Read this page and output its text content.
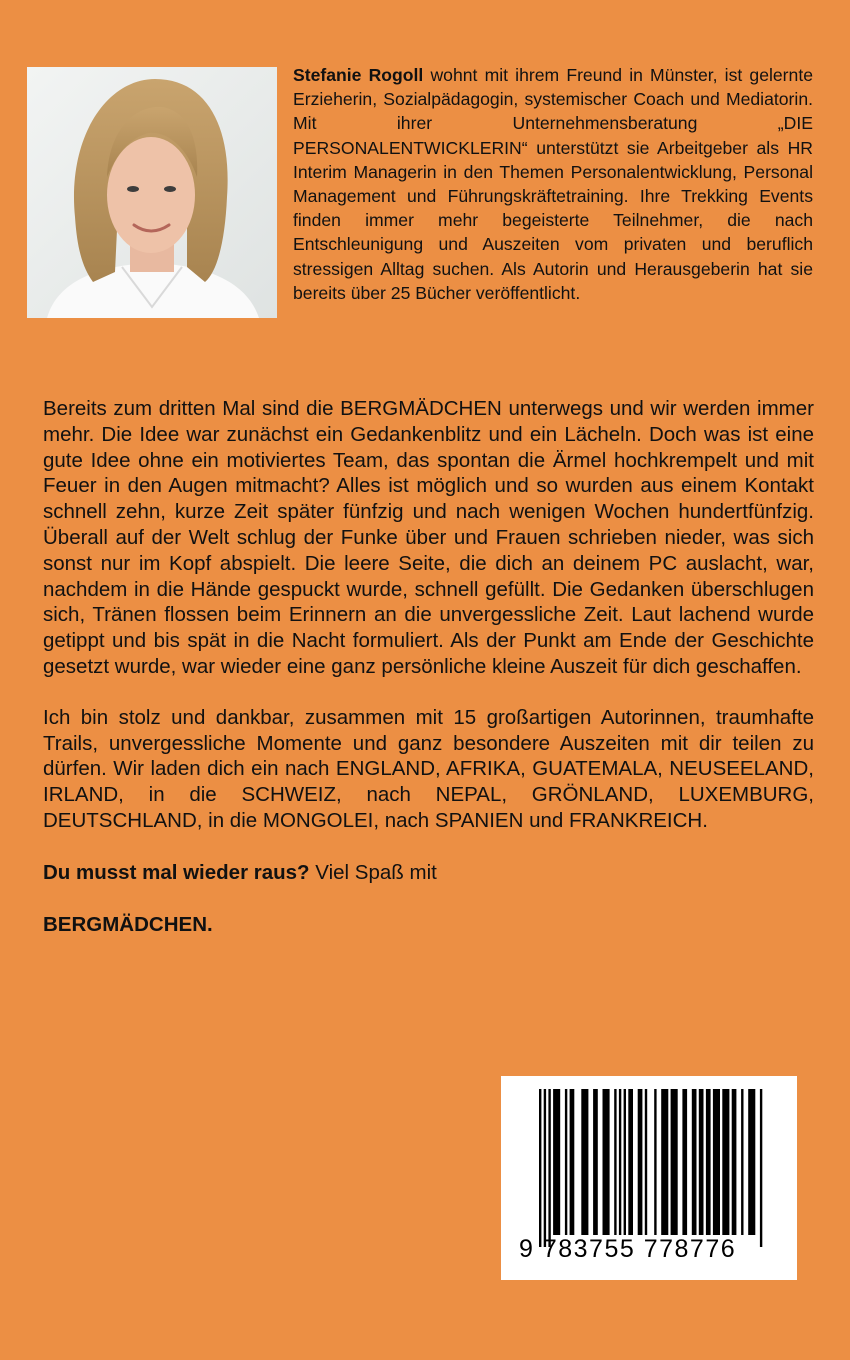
Stefanie Rogoll wohnt mit ihrem Freund in Münster, ist gelernte Erzieherin, Sozialpädagogin, systemischer Coach und Mediatorin. Mit ihrer Unternehmensberatung „DIE PERSONALENTWICKLERIN“ unterstützt sie Arbeitgeber als HR Interim Managerin in den Themen Personalentwicklung, Personal Management und Führungskräftetraining. Ihre Trekking Events finden immer mehr begeisterte Teilnehmer, die nach Entschleunigung und Auszeiten vom privaten und beruflich stressigen Alltag suchen. Als Autorin und Herausgeberin hat sie bereits über 25 Bücher veröffentlicht.

Bereits zum dritten Mal sind die BERGMÄDCHEN unterwegs und wir werden immer mehr. Die Idee war zunächst ein Gedankenblitz und ein Lächeln. Doch was ist eine gute Idee ohne ein motiviertes Team, das spontan die Ärmel hochkrempelt und mit Feuer in den Augen mitmacht? Alles ist möglich und so wurden aus einem Kontakt schnell zehn, kurze Zeit später fünfzig und nach wenigen Wochen hundertfünfzig. Überall auf der Welt schlug der Funke über und Frauen schrieben nieder, was sich sonst nur im Kopf abspielt. Die leere Seite, die dich an deinem PC auslacht, war, nachdem in die Hände gespuckt wurde, schnell gefüllt. Die Gedanken überschlugen sich, Tränen flossen beim Erinnern an die unvergessliche Zeit. Laut lachend wurde getippt und bis spät in die Nacht formuliert. Als der Punkt am Ende der Geschichte gesetzt wurde, war wieder eine ganz persönliche kleine Auszeit für dich geschaffen.

Ich bin stolz und dankbar, zusammen mit 15 großartigen Autorinnen, traumhafte Trails, unvergessliche Momente und ganz besondere Auszeiten mit dir teilen zu dürfen. Wir laden dich ein nach ENGLAND, AFRIKA, GUATEMALA, NEUSEELAND, IRLAND, in die SCHWEIZ, nach NEPAL, GRÖNLAND, LUXEMBURG, DEUTSCHLAND, in die MONGOLEI, nach SPANIEN und FRANKREICH.

Du musst mal wieder raus? Viel Spaß mit

BERGMÄDCHEN.

9 783755 778776
